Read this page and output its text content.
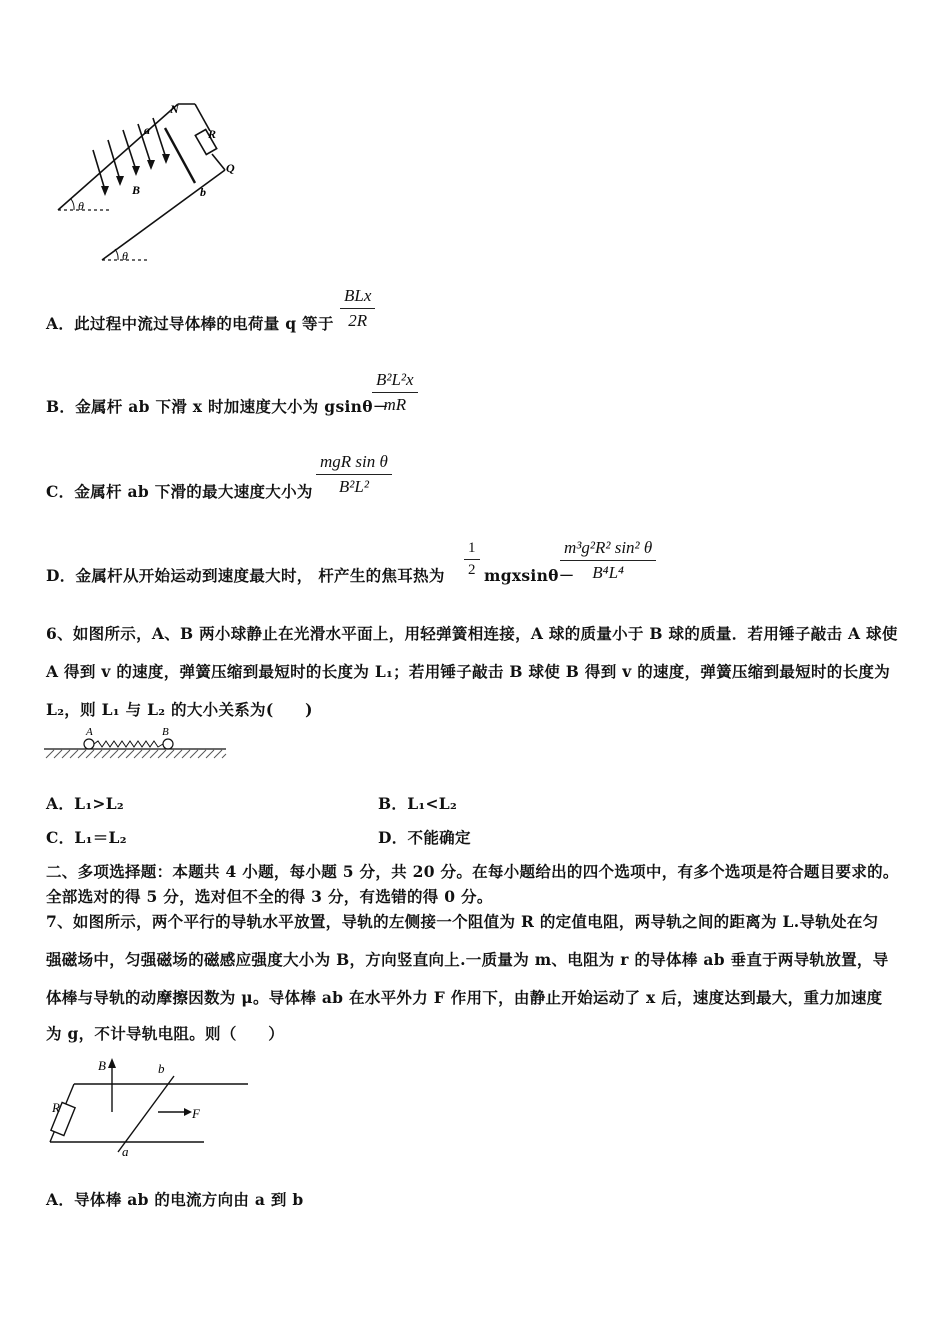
N
R
Q
a
b
B
θ
θ
A．此过程中流过导体棒的电荷量 q 等于
BLx
2R
B．金属杆 ab 下滑 x 时加速度大小为 gsinθ－
B²L²x
mR
C．金属杆 ab 下滑的最大速度大小为
mgR sin θ
B²L²
D．金属杆从开始运动到速度最大时， 杆产生的焦耳热为
1
2 mgxsinθ－
m³g²R² sin² θ
B⁴L⁴
6、如图所示，A、B 两小球静止在光滑水平面上，用轻弹簧相连接，A 球的质量小于 B 球的质量．若用锤子敲击 A 球使
A 得到 v 的速度，弹簧压缩到最短时的长度为 L₁；若用锤子敲击 B 球使 B 得到 v 的速度，弹簧压缩到最短时的长度为
L₂，则 L₁ 与 L₂ 的大小关系为(　　)
A	B
A．L₁>L₂	B．L₁<L₂
C．L₁＝L₂	D．不能确定
二、多项选择题：本题共 4 小题，每小题 5 分，共 20 分。在每小题给出的四个选项中，有多个选项是符合题目要求的。
全部选对的得 5 分，选对但不全的得 3 分，有选错的得 0 分。
7、如图所示，两个平行的导轨水平放置，导轨的左侧接一个阻值为 R 的定值电阻，两导轨之间的距离为 L.导轨处在匀
强磁场中，匀强磁场的磁感应强度大小为 B，方向竖直向上.一质量为 m、电阻为 r 的导体棒 ab 垂直于两导轨放置，导
体棒与导轨的动摩擦因数为 μ。导体棒 ab 在水平外力 F 作用下，由静止开始运动了 x 后，速度达到最大，重力加速度
为 g，不计导轨电阻。则（　　）
B	b
R	F
a
A．导体棒 ab 的电流方向由 a 到 b
